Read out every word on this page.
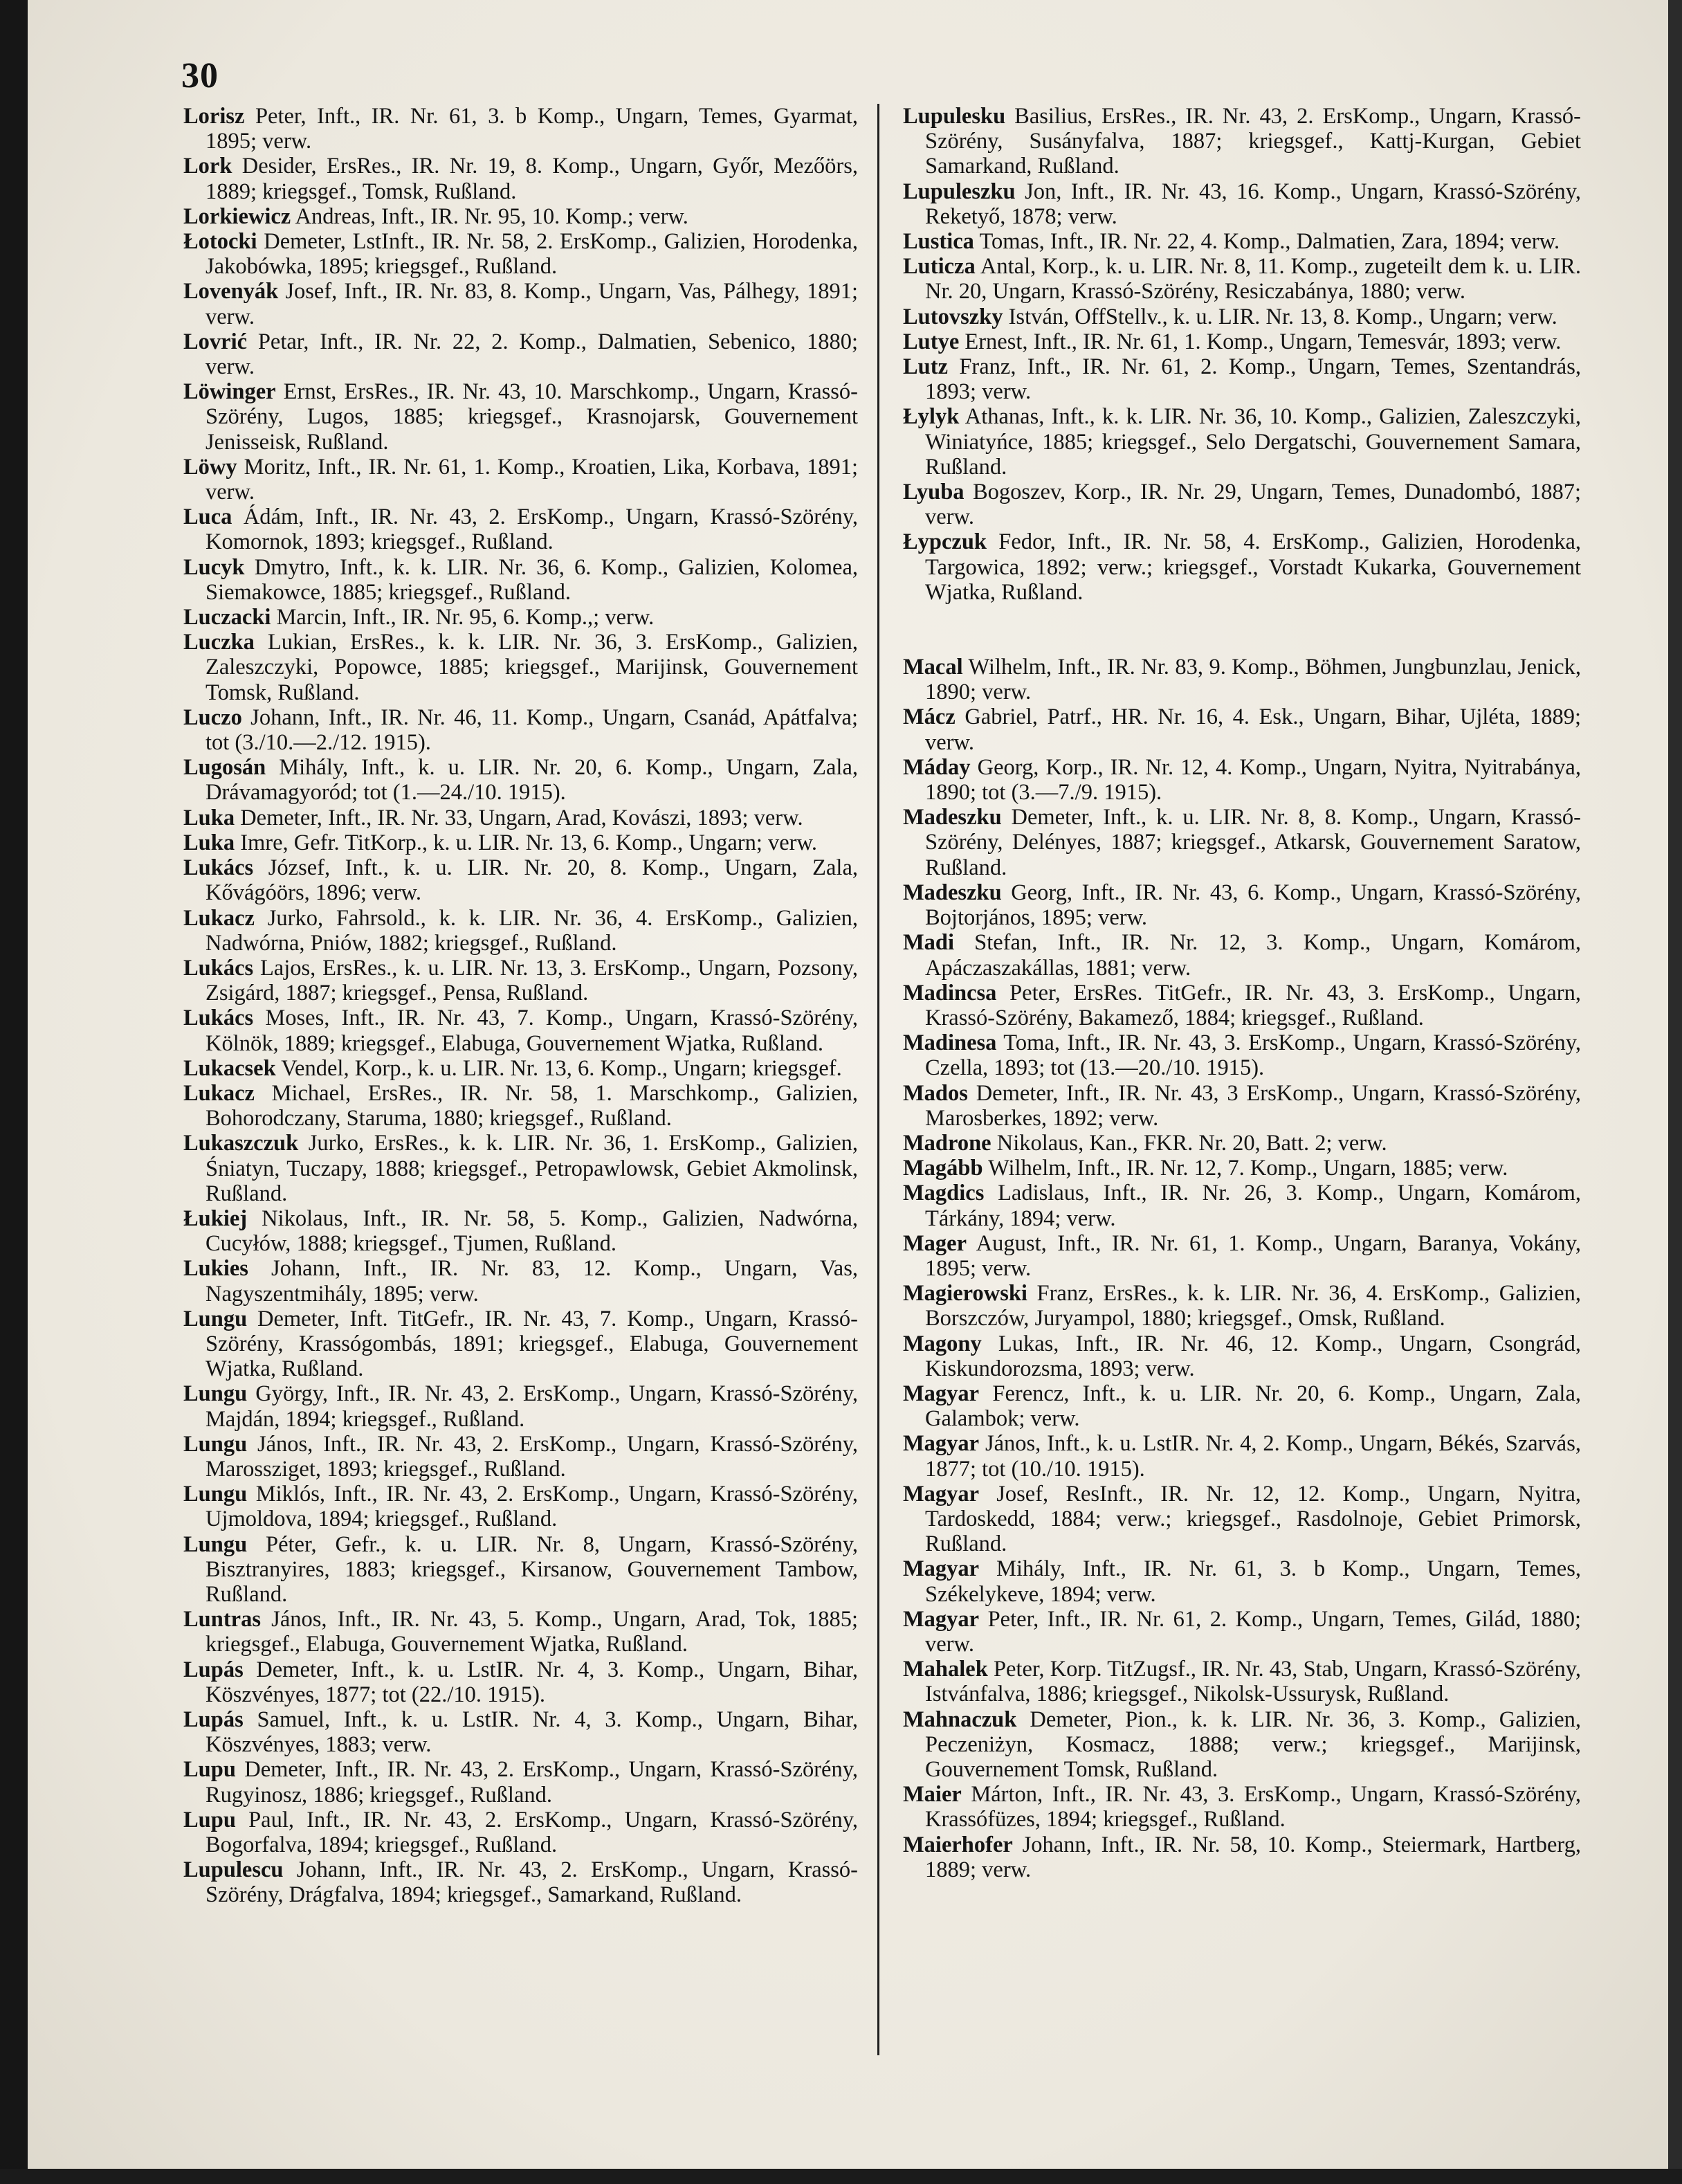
30

Lorisz Peter, Inft., IR. Nr. 61, 3. b Komp., Ungarn, Temes, Gyarmat, 1895; verw.

Lork Desider, ErsRes., IR. Nr. 19, 8. Komp., Ungarn, Győr, Mezőörs, 1889; kriegsgef., Tomsk, Rußland.

Lorkiewicz Andreas, Inft., IR. Nr. 95, 10. Komp.; verw.

Łotocki Demeter, LstInft., IR. Nr. 58, 2. ErsKomp., Galizien, Horodenka, Jakobówka, 1895; kriegsgef., Rußland.

Lovenyák Josef, Inft., IR. Nr. 83, 8. Komp., Ungarn, Vas, Pálhegy, 1891; verw.

Lovrić Petar, Inft., IR. Nr. 22, 2. Komp., Dalmatien, Sebenico, 1880; verw.

Löwinger Ernst, ErsRes., IR. Nr. 43, 10. Marschkomp., Ungarn, Krassó-Szörény, Lugos, 1885; kriegsgef., Krasnojarsk, Gouvernement Jenisseisk, Rußland.

Löwy Moritz, Inft., IR. Nr. 61, 1. Komp., Kroatien, Lika, Korbava, 1891; verw.

Luca Ádám, Inft., IR. Nr. 43, 2. ErsKomp., Ungarn, Krassó-Szörény, Komornok, 1893; kriegsgef., Rußland.

Lucyk Dmytro, Inft., k. k. LIR. Nr. 36, 6. Komp., Galizien, Kolomea, Siemakowce, 1885; kriegsgef., Rußland.

Luczacki Marcin, Inft., IR. Nr. 95, 6. Komp.,; verw.

Luczka Lukian, ErsRes., k. k. LIR. Nr. 36, 3. ErsKomp., Galizien, Zaleszczyki, Popowce, 1885; kriegsgef., Marijinsk, Gouvernement Tomsk, Rußland.

Luczo Johann, Inft., IR. Nr. 46, 11. Komp., Ungarn, Csanád, Apátfalva; tot (3./10.—2./12. 1915).

Lugosán Mihály, Inft., k. u. LIR. Nr. 20, 6. Komp., Ungarn, Zala, Drávamagyoród; tot (1.—24./10. 1915).

Luka Demeter, Inft., IR. Nr. 33, Ungarn, Arad, Kovászi, 1893; verw.

Luka Imre, Gefr. TitKorp., k. u. LIR. Nr. 13, 6. Komp., Ungarn; verw.

Lukács József, Inft., k. u. LIR. Nr. 20, 8. Komp., Ungarn, Zala, Kővágóörs, 1896; verw.

Lukacz Jurko, Fahrsold., k. k. LIR. Nr. 36, 4. ErsKomp., Galizien, Nadwórna, Pniów, 1882; kriegsgef., Rußland.

Lukács Lajos, ErsRes., k. u. LIR. Nr. 13, 3. ErsKomp., Ungarn, Pozsony, Zsigárd, 1887; kriegsgef., Pensa, Rußland.

Lukács Moses, Inft., IR. Nr. 43, 7. Komp., Ungarn, Krassó-Szörény, Kölnök, 1889; kriegsgef., Elabuga, Gouvernement Wjatka, Rußland.

Lukacsek Vendel, Korp., k. u. LIR. Nr. 13, 6. Komp., Ungarn; kriegsgef.

Lukacz Michael, ErsRes., IR. Nr. 58, 1. Marschkomp., Galizien, Bohorodczany, Staruma, 1880; kriegsgef., Rußland.

Lukaszczuk Jurko, ErsRes., k. k. LIR. Nr. 36, 1. ErsKomp., Galizien, Śniatyn, Tuczapy, 1888; kriegsgef., Petropawlowsk, Gebiet Akmolinsk, Rußland.

Łukiej Nikolaus, Inft., IR. Nr. 58, 5. Komp., Galizien, Nadwórna, Cucyłów, 1888; kriegsgef., Tjumen, Rußland.

Lukies Johann, Inft., IR. Nr. 83, 12. Komp., Ungarn, Vas, Nagyszentmihály, 1895; verw.

Lungu Demeter, Inft. TitGefr., IR. Nr. 43, 7. Komp., Ungarn, Krassó-Szörény, Krassógombás, 1891; kriegsgef., Elabuga, Gouvernement Wjatka, Rußland.

Lungu György, Inft., IR. Nr. 43, 2. ErsKomp., Ungarn, Krassó-Szörény, Majdán, 1894; kriegsgef., Rußland.

Lungu János, Inft., IR. Nr. 43, 2. ErsKomp., Ungarn, Krassó-Szörény, Marossziget, 1893; kriegsgef., Rußland.

Lungu Miklós, Inft., IR. Nr. 43, 2. ErsKomp., Ungarn, Krassó-Szörény, Ujmoldova, 1894; kriegsgef., Rußland.

Lungu Péter, Gefr., k. u. LIR. Nr. 8, Ungarn, Krassó-Szörény, Bisztranyires, 1883; kriegsgef., Kirsanow, Gouvernement Tambow, Rußland.

Luntras János, Inft., IR. Nr. 43, 5. Komp., Ungarn, Arad, Tok, 1885; kriegsgef., Elabuga, Gouvernement Wjatka, Rußland.

Lupás Demeter, Inft., k. u. LstIR. Nr. 4, 3. Komp., Ungarn, Bihar, Köszvényes, 1877; tot (22./10. 1915).

Lupás Samuel, Inft., k. u. LstIR. Nr. 4, 3. Komp., Ungarn, Bihar, Köszvényes, 1883; verw.

Lupu Demeter, Inft., IR. Nr. 43, 2. ErsKomp., Ungarn, Krassó-Szörény, Rugyinosz, 1886; kriegsgef., Rußland.

Lupu Paul, Inft., IR. Nr. 43, 2. ErsKomp., Ungarn, Krassó-Szörény, Bogorfalva, 1894; kriegsgef., Rußland.

Lupulescu Johann, Inft., IR. Nr. 43, 2. ErsKomp., Ungarn, Krassó-Szörény, Drágfalva, 1894; kriegsgef., Samarkand, Rußland.

Lupulesku Basilius, ErsRes., IR. Nr. 43, 2. ErsKomp., Ungarn, Krassó-Szörény, Susányfalva, 1887; kriegsgef., Kattj-Kurgan, Gebiet Samarkand, Rußland.

Lupuleszku Jon, Inft., IR. Nr. 43, 16. Komp., Ungarn, Krassó-Szörény, Reketyő, 1878; verw.

Lustica Tomas, Inft., IR. Nr. 22, 4. Komp., Dalmatien, Zara, 1894; verw.

Luticza Antal, Korp., k. u. LIR. Nr. 8, 11. Komp., zugeteilt dem k. u. LIR. Nr. 20, Ungarn, Krassó-Szörény, Resiczabánya, 1880; verw.

Lutovszky István, OffStellv., k. u. LIR. Nr. 13, 8. Komp., Ungarn; verw.

Lutye Ernest, Inft., IR. Nr. 61, 1. Komp., Ungarn, Temesvár, 1893; verw.

Lutz Franz, Inft., IR. Nr. 61, 2. Komp., Ungarn, Temes, Szentandrás, 1893; verw.

Łylyk Athanas, Inft., k. k. LIR. Nr. 36, 10. Komp., Galizien, Zaleszczyki, Winiatyńce, 1885; kriegsgef., Selo Dergatschi, Gouvernement Samara, Rußland.

Lyuba Bogoszev, Korp., IR. Nr. 29, Ungarn, Temes, Dunadombó, 1887; verw.

Łypczuk Fedor, Inft., IR. Nr. 58, 4. ErsKomp., Galizien, Horodenka, Targowica, 1892; verw.; kriegsgef., Vorstadt Kukarka, Gouvernement Wjatka, Rußland.

Macal Wilhelm, Inft., IR. Nr. 83, 9. Komp., Böhmen, Jungbunzlau, Jenick, 1890; verw.

Mácz Gabriel, Patrf., HR. Nr. 16, 4. Esk., Ungarn, Bihar, Ujléta, 1889; verw.

Máday Georg, Korp., IR. Nr. 12, 4. Komp., Ungarn, Nyitra, Nyitrabánya, 1890; tot (3.—7./9. 1915).

Madeszku Demeter, Inft., k. u. LIR. Nr. 8, 8. Komp., Ungarn, Krassó-Szörény, Delényes, 1887; kriegsgef., Atkarsk, Gouvernement Saratow, Rußland.

Madeszku Georg, Inft., IR. Nr. 43, 6. Komp., Ungarn, Krassó-Szörény, Bojtorjános, 1895; verw.

Madi Stefan, Inft., IR. Nr. 12, 3. Komp., Ungarn, Komárom, Apáczaszakállas, 1881; verw.

Madincsa Peter, ErsRes. TitGefr., IR. Nr. 43, 3. ErsKomp., Ungarn, Krassó-Szörény, Bakamező, 1884; kriegsgef., Rußland.

Madinesa Toma, Inft., IR. Nr. 43, 3. ErsKomp., Ungarn, Krassó-Szörény, Czella, 1893; tot (13.—20./10. 1915).

Mados Demeter, Inft., IR. Nr. 43, 3 ErsKomp., Ungarn, Krassó-Szörény, Marosberkes, 1892; verw.

Madrone Nikolaus, Kan., FKR. Nr. 20, Batt. 2; verw.

Magább Wilhelm, Inft., IR. Nr. 12, 7. Komp., Ungarn, 1885; verw.

Magdics Ladislaus, Inft., IR. Nr. 26, 3. Komp., Ungarn, Komárom, Tárkány, 1894; verw.

Mager August, Inft., IR. Nr. 61, 1. Komp., Ungarn, Baranya, Vokány, 1895; verw.

Magierowski Franz, ErsRes., k. k. LIR. Nr. 36, 4. ErsKomp., Galizien, Borszczów, Juryampol, 1880; kriegsgef., Omsk, Rußland.

Magony Lukas, Inft., IR. Nr. 46, 12. Komp., Ungarn, Csongrád, Kiskundorozsma, 1893; verw.

Magyar Ferencz, Inft., k. u. LIR. Nr. 20, 6. Komp., Ungarn, Zala, Galambok; verw.

Magyar János, Inft., k. u. LstIR. Nr. 4, 2. Komp., Ungarn, Békés, Szarvás, 1877; tot (10./10. 1915).

Magyar Josef, ResInft., IR. Nr. 12, 12. Komp., Ungarn, Nyitra, Tardoskedd, 1884; verw.; kriegsgef., Rasdolnoje, Gebiet Primorsk, Rußland.

Magyar Mihály, Inft., IR. Nr. 61, 3. b Komp., Ungarn, Temes, Székelykeve, 1894; verw.

Magyar Peter, Inft., IR. Nr. 61, 2. Komp., Ungarn, Temes, Gilád, 1880; verw.

Mahalek Peter, Korp. TitZugsf., IR. Nr. 43, Stab, Ungarn, Krassó-Szörény, Istvánfalva, 1886; kriegsgef., Nikolsk-Ussurysk, Rußland.

Mahnaczuk Demeter, Pion., k. k. LIR. Nr. 36, 3. Komp., Galizien, Peczeniżyn, Kosmacz, 1888; verw.; kriegsgef., Marijinsk, Gouvernement Tomsk, Rußland.

Maier Márton, Inft., IR. Nr. 43, 3. ErsKomp., Ungarn, Krassó-Szörény, Krassófüzes, 1894; kriegsgef., Rußland.

Maierhofer Johann, Inft., IR. Nr. 58, 10. Komp., Steiermark, Hartberg, 1889; verw.
